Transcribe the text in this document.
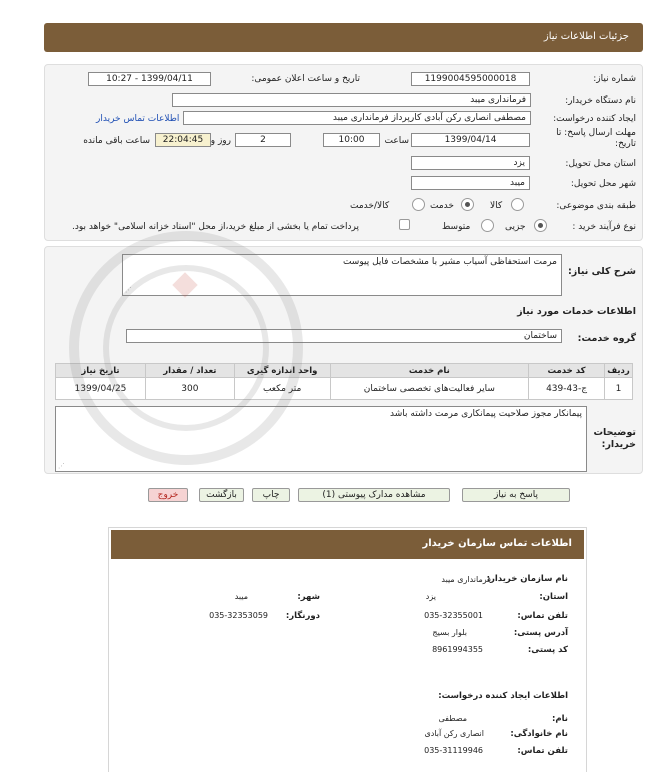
جزئیات اطلاعات نیاز
شماره نیاز:
1199004595000018
تاریخ و ساعت اعلان عمومی:
1399/04/11 - 10:27
نام دستگاه خریدار:
فرمانداری میبد
ایجاد کننده درخواست:
مصطفی انصاری رکن آبادی کارپرداز فرمانداری میبد
اطلاعات تماس خریدار
مهلت ارسال پاسخ: تا تاریخ:
1399/04/14
ساعت
10:00
2
روز و
22:04:45
ساعت باقی مانده
استان محل تحویل:
یزد
شهر محل تحویل:
میبد
طبقه بندی موضوعی:
کالا
خدمت
کالا/خدمت
نوع فرآیند خرید :
جزیی
متوسط
پرداخت تمام یا بخشی از مبلغ خرید،از محل "اسناد خزانه اسلامی" خواهد بود.
شرح کلی نیاز:
مرمت استحفاظی آسیاب مشیر با مشخصات فایل پیوست
⋰
اطلاعات خدمات مورد نیاز
گروه خدمت:
ساختمان
ردیف	کد خدمت	نام خدمت	واحد اندازه گیری	تعداد / مقدار	تاریخ نیاز
1	ج-43-439	سایر فعالیت‌های تخصصی ساختمان	متر مکعب	300	1399/04/25
توضیحات خریدار:
پیمانکار مجوز صلاحیت پیمانکاری مرمت داشته باشد
⋰
پاسخ به نیاز
مشاهده مدارک پیوستی (1)
چاپ
بازگشت
خروج
اطلاعات تماس سازمان خریدار
نام سازمان خریدار:
فرمانداری میبد
استان:
یزد
شهر:
میبد
تلفن تماس:
035-32355001
دورنگار:
035-32353059
آدرس پستی:
بلوار بسیج
کد پستی:
8961994355
اطلاعات ایجاد کننده درخواست:
نام:
مصطفی
نام خانوادگی:
انصاری رکن آبادی
تلفن تماس:
035-31119946
